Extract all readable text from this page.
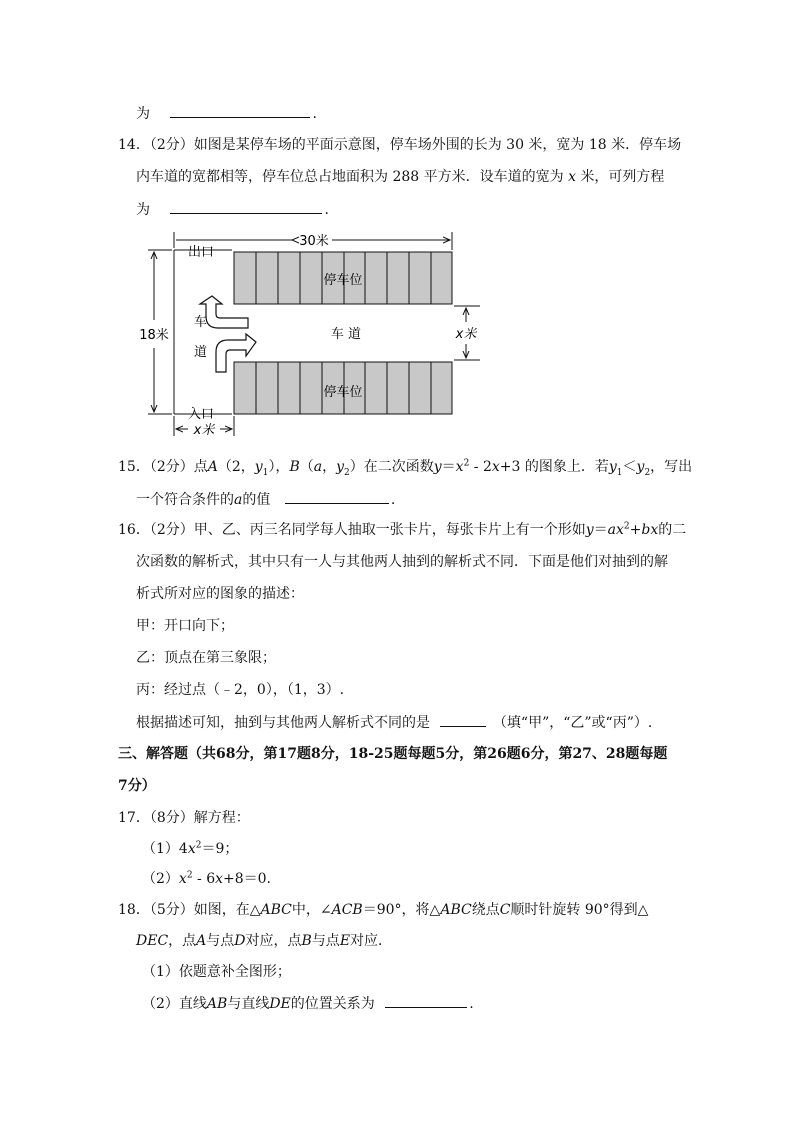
为	.
14．（2分）如图是某停车场的平面示意图，停车场外围的长为 30 米，宽为 18 米．停车场
内车道的宽都相等，停车位总占地面积为 288 平方米．设车道的宽为 x 米，可列方程
为	.
30米
18米
出口
入口
停车位
停车位
车 道
车
道
x米
x米
15．（2分）点A（2，$y_1$），B（a，$y_2$）在二次函数$y=x^2 - 2x+3$ 的图象上．若$y_1<y_2$，写出
一个符合条件的a的值	.
16．（2分）甲、乙、丙三名同学每人抽取一张卡片，每张卡片上有一个形如$y=ax^2+bx$的二
次函数的解析式，其中只有一人与其他两人抽到的解析式不同．下面是他们对抽到的解
析式所对应的图象的描述：
甲：开口向下；
乙：顶点在第三象限；
丙：经过点（﹣2，0），（1，3）.
根据描述可知，抽到与其他两人解析式不同的是	（填“甲”，“乙”或“丙”）.
三、解答题（共68分，第17题8分，18-25题每题5分，第26题6分，第27、28题每题
7分）
17．（8分）解方程：
$(1)4x^2=9$；
$(2)x^2 - 6x+8=0$.
18．（5分）如图，在△ABC中，∠ACB＝90°，将△ABC绕点C顺时针旋转 90°得到△
DEC，点A与点D对应，点B与点E对应．
（1）依题意补全图形；
（2）直线AB与直线DE的位置关系为	.
